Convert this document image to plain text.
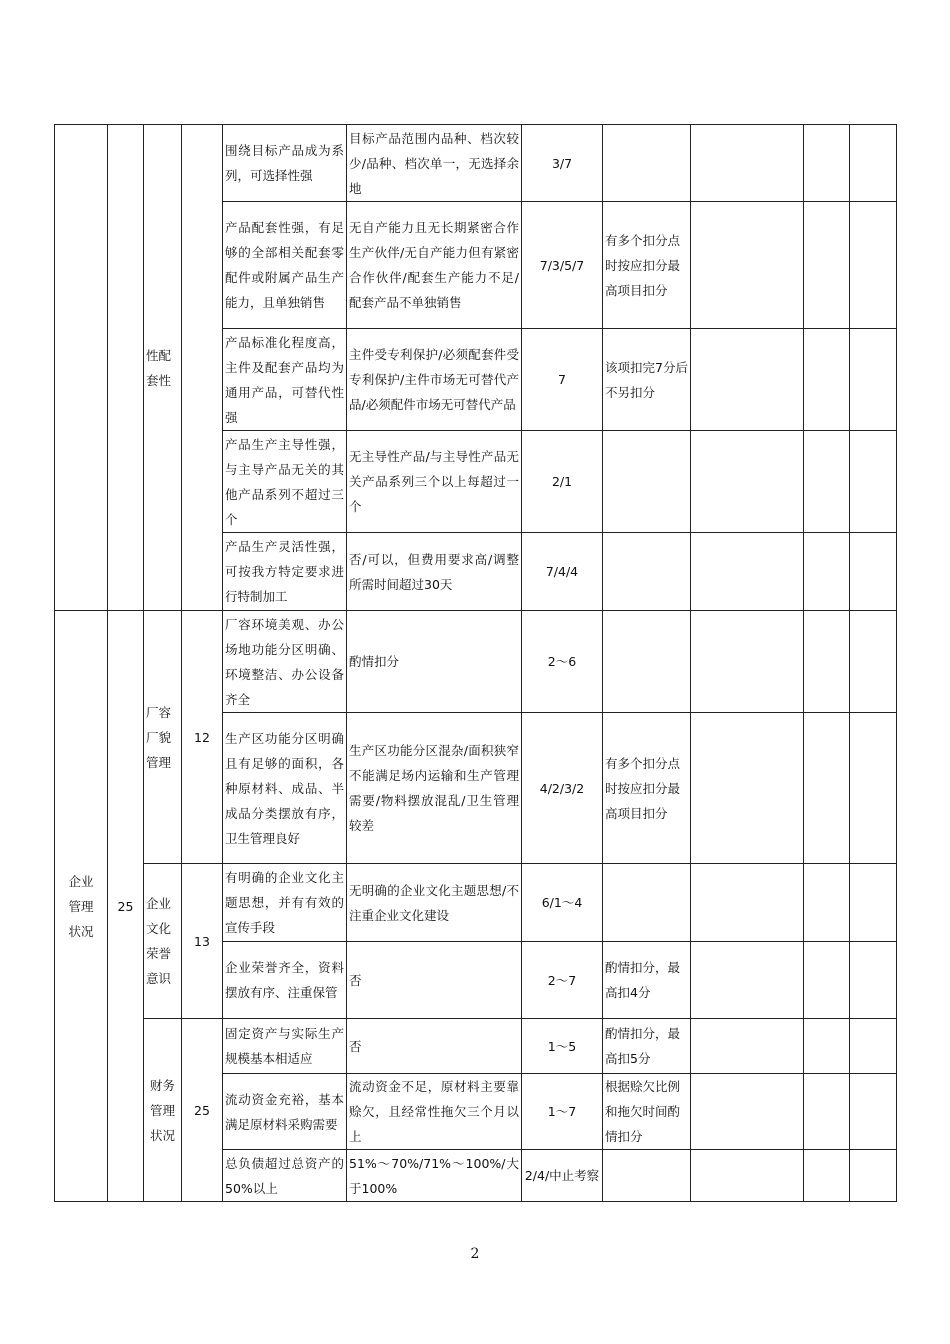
		性配套性		围绕目标产品成为系列，可选择性强	目标产品范围内品种、档次较少/品种、档次单一，无选择余地	3/7				
				产品配套性强，有足够的全部相关配套零配件或附属产品生产能力，且单独销售	无自产能力且无长期紧密合作生产伙伴/无自产能力但有紧密合作伙伴/配套生产能力不足/配套产品不单独销售	7/3/5/7	有多个扣分点时按应扣分最高项目扣分			
				产品标准化程度高，主件及配套产品均为通用产品，可替代性强	主件受专利保护/必须配套件受专利保护/主件市场无可替代产品/必须配件市场无可替代产品	7	该项扣完7分后不另扣分			
				产品生产主导性强，与主导产品无关的其他产品系列不超过三个	无主导性产品/与主导性产品无关产品系列三个以上每超过一个	2/1				
				产品生产灵活性强，可按我方特定要求进行特制加工	否/可以，但费用要求高/调整所需时间超过30天	7/4/4				
企业管理状况	25	厂容厂貌管理	12	厂容环境美观、办公场地功能分区明确、环境整洁、办公设备齐全	酌情扣分	2～6				
				生产区功能分区明确且有足够的面积，各种原材料、成品、半成品分类摆放有序，卫生管理良好	生产区功能分区混杂/面积狭窄不能满足场内运输和生产管理需要/物料摆放混乱/卫生管理较差	4/2/3/2	有多个扣分点时按应扣分最高项目扣分			
		企业文化荣誉意识	13	有明确的企业文化主题思想，并有有效的宣传手段	无明确的企业文化主题思想/不注重企业文化建设	6/1～4				
				企业荣誉齐全，资料摆放有序、注重保管	否	2～7	酌情扣分，最高扣4分			
		财务管理状况	25	固定资产与实际生产规模基本相适应	否	1～5	酌情扣分，最高扣5分			
				流动资金充裕，基本满足原材料采购需要	流动资金不足，原材料主要靠赊欠，且经常性拖欠三个月以上	1～7	根据赊欠比例和拖欠时间酌情扣分			
				总负债超过总资产的50%以上	51%～70%/71%～100%/大于100%	2/4/中止考察				
2
